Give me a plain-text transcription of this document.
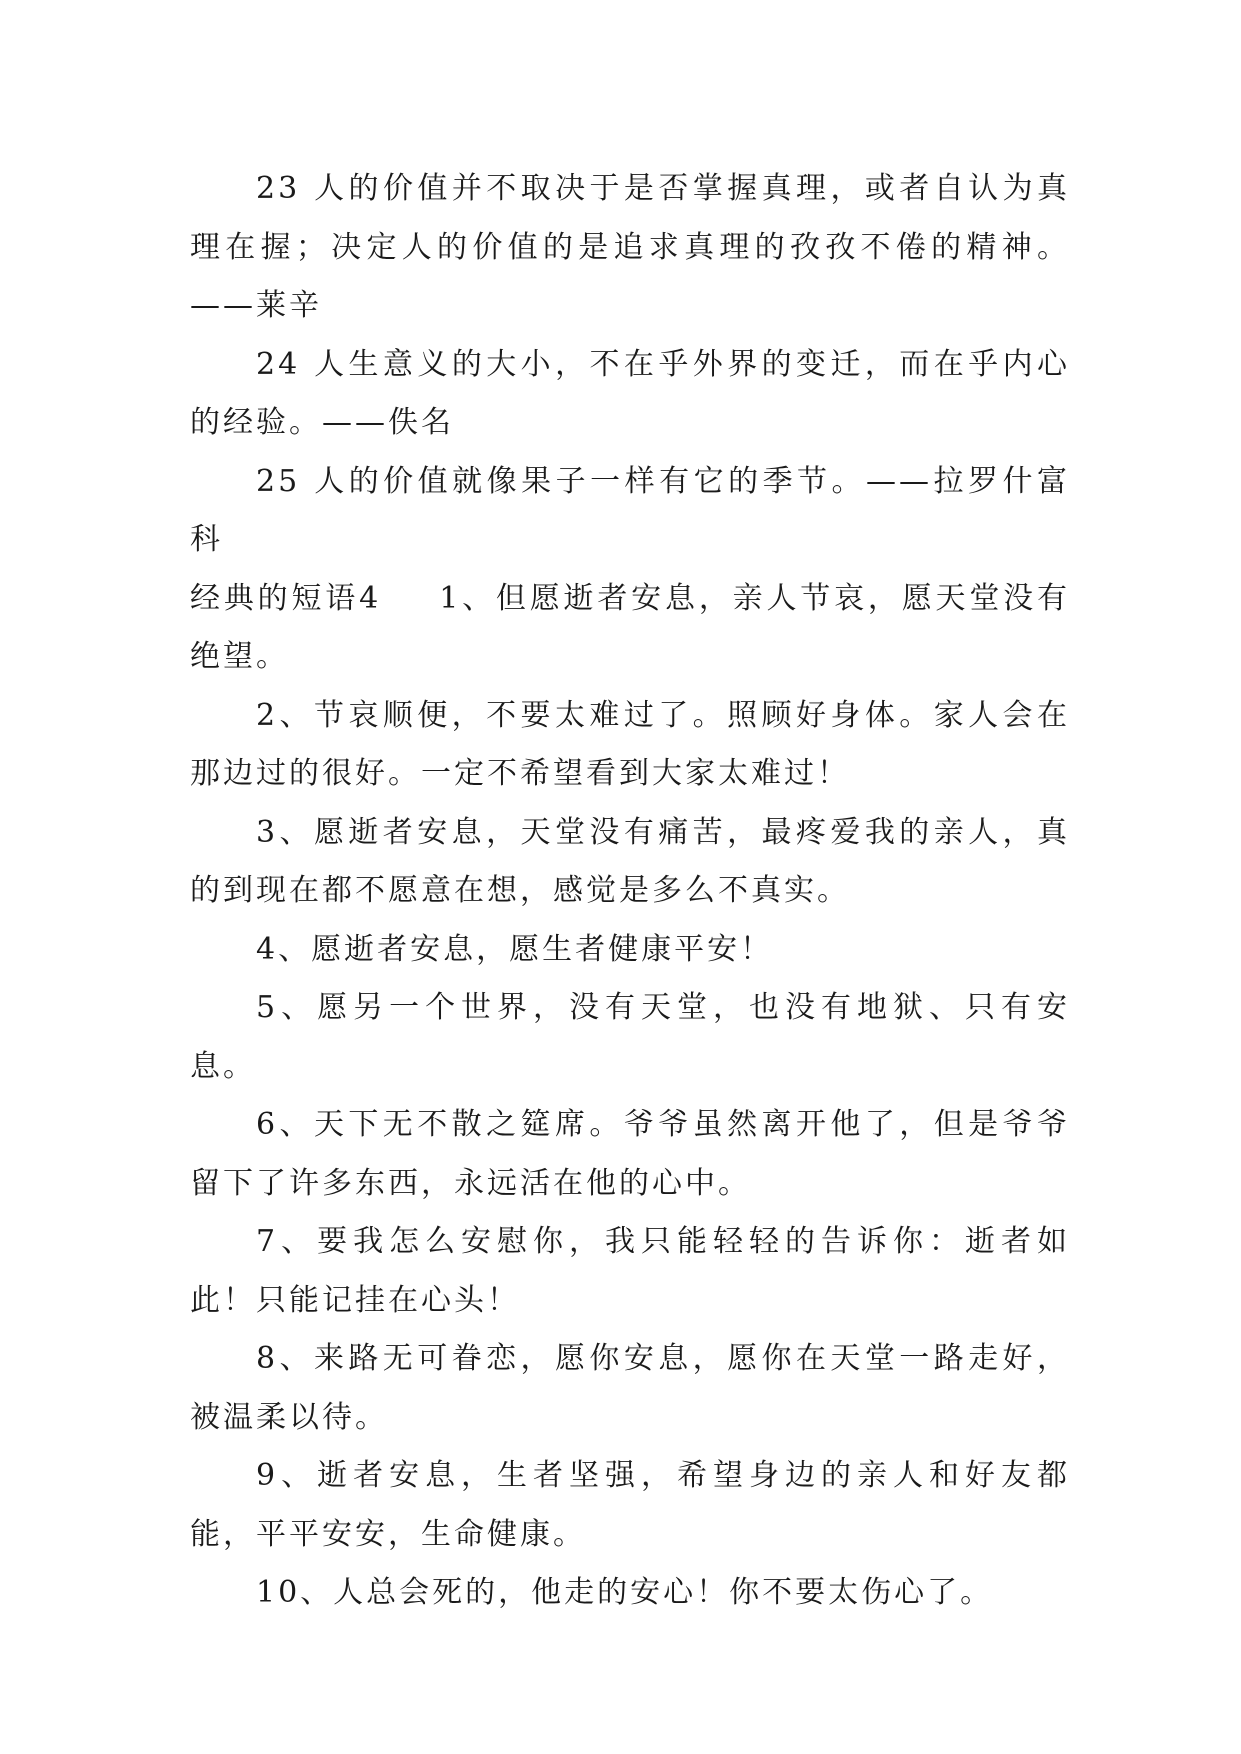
23 人的价值并不取决于是否掌握真理，或者自认为真理在握；决定人的价值的是追求真理的孜孜不倦的精神。——莱辛

24 人生意义的大小，不在乎外界的变迁，而在乎内心的经验。——佚名

25 人的价值就像果子一样有它的季节。——拉罗什富科

经典的短语4 1、但愿逝者安息，亲人节哀，愿天堂没有绝望。

2、节哀顺便，不要太难过了。照顾好身体。家人会在那边过的很好。一定不希望看到大家太难过！

3、愿逝者安息，天堂没有痛苦，最疼爱我的亲人，真的到现在都不愿意在想，感觉是多么不真实。

4、愿逝者安息，愿生者健康平安！

5、愿另一个世界，没有天堂，也没有地狱、只有安息。

6、天下无不散之筵席。爷爷虽然离开他了，但是爷爷留下了许多东西，永远活在他的心中。

7、要我怎么安慰你，我只能轻轻的告诉你：逝者如此！只能记挂在心头！

8、来路无可眷恋，愿你安息，愿你在天堂一路走好，被温柔以待。

9、逝者安息，生者坚强，希望身边的亲人和好友都能，平平安安，生命健康。

10、人总会死的，他走的安心！你不要太伤心了。
